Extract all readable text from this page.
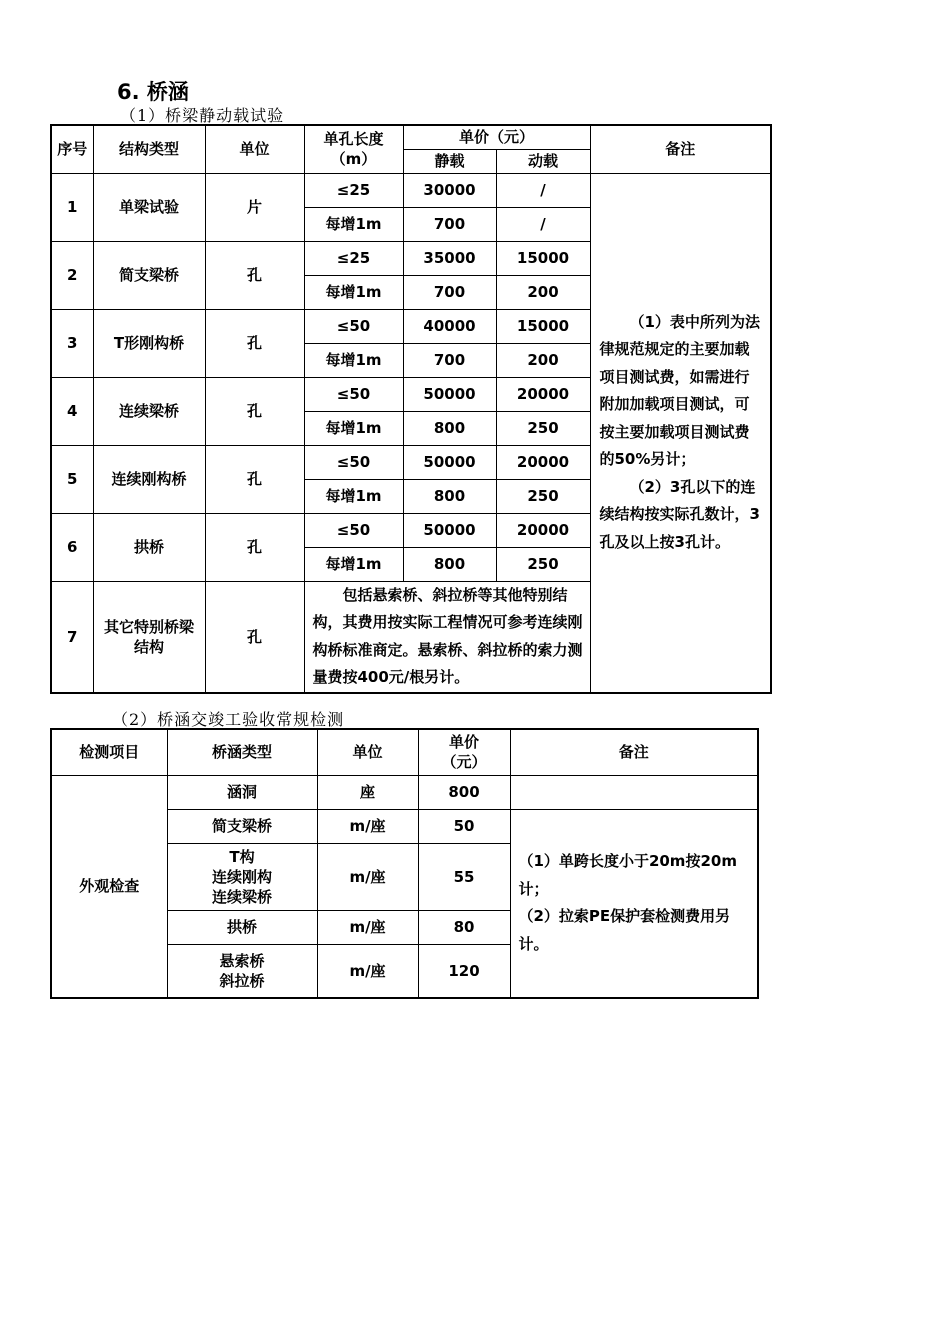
6. 桥涵
（1）桥梁静动载试验
序号	结构类型	单位	单孔长度（m）	单价（元）		备注
				静载	动载	
1	单梁试验	片	≤25	30000	/	（1）表中所列为法律规范规定的主要加载项目测试费，如需进行附加加载项目测试，可按主要加载项目测试费的50%另计；

（2）3孔以下的连续结构按实际孔数计，3孔及以上按3孔计。

			每增1m	700	/	
2	简支梁桥	孔	≤25	35000	15000	
			每增1m	700	200	
3	T形刚构桥	孔	≤50	40000	15000	
			每增1m	700	200	
4	连续梁桥	孔	≤50	50000	20000	
			每增1m	800	250	
5	连续刚构桥	孔	≤50	50000	20000	
			每增1m	800	250	
6	拱桥	孔	≤50	50000	20000	
			每增1m	800	250	
7	其它特别桥梁结构	孔	包括悬索桥、斜拉桥等其他特别结构，其费用按实际工程情况可参考连续刚构桥标准商定。悬索桥、斜拉桥的索力测量费按400元/根另计。			
（2）桥涵交竣工验收常规检测
检测项目	桥涵类型	单位	单价（元）	备注
外观检查	涵洞	座	800	
	简支梁桥	m/座	50	（1）单跨长度小于20m按20m计；

（2）拉索PE保护套检测费用另计。

	T构
连续刚构
连续梁桥	m/座	55	
	拱桥	m/座	80	

	悬索桥
斜拉桥	m/座	120	
